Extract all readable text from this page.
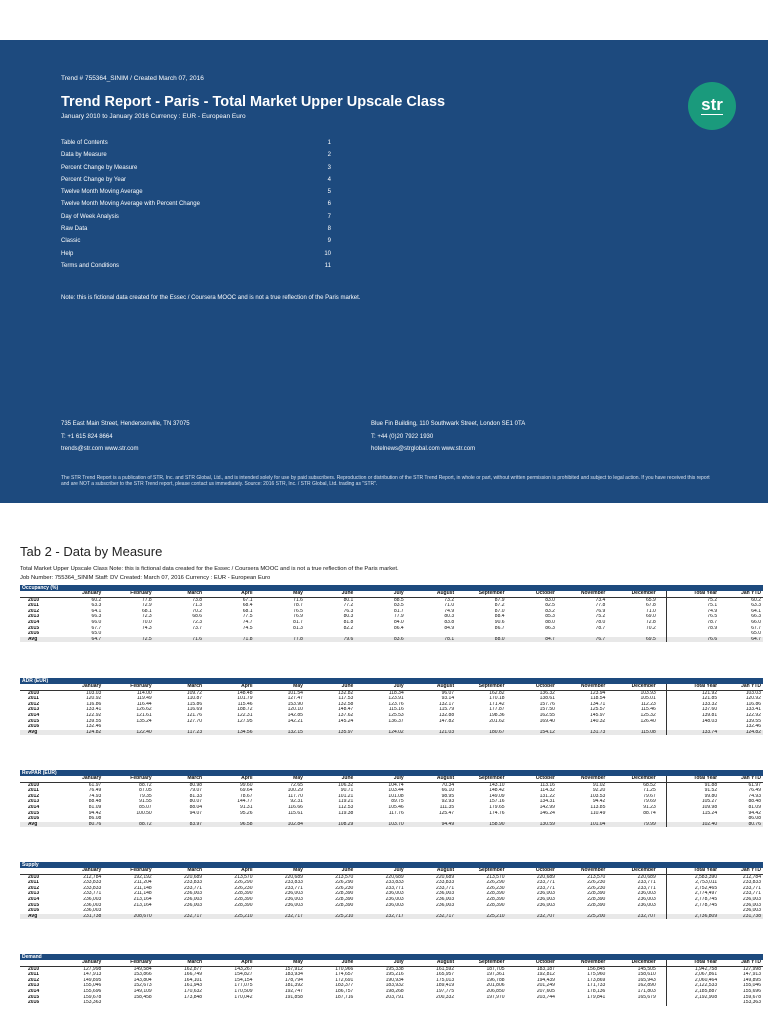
Trend # 755364_SINIM / Created March 07, 2016
Trend Report - Paris - Total Market Upper Upscale Class
January 2010 to January 2016 Currency : EUR - European Euro
str
Table of Contents	1
Data by Measure	2
Percent Change by Measure	3
Percent Change by Year	4
Twelve Month Moving Average	5
Twelve Month Moving Average with Percent Change	6
Day of Week Analysis	7
Raw Data	8
Classic	9
Help	10
Terms and Conditions	11
Note: this is fictional data created for the Essec / Coursera MOOC and is not a true reflection of the Paris market.
735 East Main Street, Hendersonville, TN 37075
T: +1 615 824 8664
trends@str.com www.str.com
Blue Fin Building, 110 Southwark Street, London SE1 0TA
T: +44 (0)20 7922 1930
hotelnews@strglobal.com www.str.com
The STR Trend Report is a publication of STR, Inc. and STR Global, Ltd., and is intended solely for use by paid subscribers. Reproduction or distribution of the STR Trend Report, in whole or part, without written permission is prohibited and subject to legal action. If you have received this report and are NOT a subscriber to the STR Trend report, please contact us immediately. Source: 2016 STR, Inc. / STR Global, Ltd. trading as "STR".
Tab 2 - Data by Measure
Total Market Upper Upscale Class Note: this is fictional data created for the Essec / Coursera MOOC and is not a true reflection of the Paris market.
Job Number: 755364_SINIM Staff: DV Created: March 07, 2016 Currency : EUR - European Euro
Occupancy (%)
	January	February	March	April	May	June	July	August	September	October	November	December		Total Year	Jan YTD
2010	60.2	77.8	73.8	67.1	71.6	80.1	88.5	73.2	87.9	83.0	73.4	65.9		75.2	60.2
2011	63.3	72.9	71.3	68.4	78.7	77.2	83.5	71.0	87.2	82.5	77.8	67.8		75.1	63.3
2012	64.1	68.1	70.2	68.1	76.5	76.3	81.7	74.9	87.0	83.2	76.9	71.0		74.9	64.1
2013	66.3	72.3	68.6	77.5	76.9	80.3	77.9	80.3	88.4	85.3	75.2	69.0		76.5	66.3
2014	66.0	70.0	72.3	74.7	81.7	81.8	84.0	83.8	90.6	88.0	78.0	72.8		78.7	66.0
2015	67.7	74.3	73.7	74.5	81.3	82.2	86.4	84.9	86.7	86.3	78.7	70.2		78.9	67.7
2016	65.0														65.0
Avg	64.7	72.5	71.6	71.8	77.8	79.6	83.6	78.1	88.0	84.7	76.7	69.5		76.6	64.7
ADR (EUR)
	January	February	March	April	May	June	July	August	September	October	November	December		Total Year	Jan YTD
2010	103.03	114.00	109.72	148.48	101.54	132.82	118.34	96.07	162.82	136.32	123.94	103.93		121.92	103.03
2011	120.92	119.49	110.87	101.79	127.47	117.53	123.91	93.14	170.18	138.61	118.54	105.01		121.85	120.92
2012	116.86	116.44	115.86	115.46	153.90	132.58	123.76	132.17	171.42	157.76	134.71	112.23		133.32	116.86
2013	133.41	126.62	116.69	188.72	120.10	148.47	115.16	115.79	177.87	157.50	125.57	115.46		137.60	133.41
2014	122.92	121.61	121.76	122.31	142.85	137.62	125.53	132.88	198.36	162.55	145.97	125.32		139.81	122.92
2015	139.55	135.24	127.70	127.95	142.21	145.24	136.37	147.82	201.62	169.40	140.32	126.40		148.03	139.55
2016	132.46														132.46
Avg	124.82	122.40	117.23	134.56	132.15	135.97	124.02	121.03	180.67	154.12	131.73	115.08		133.74	124.82
RevPAR (EUR)
	January	February	March	April	May	June	July	August	September	October	November	December		Total Year	Jan YTD
2010	61.97	88.72	80.98	99.60	72.65	106.32	104.74	70.34	143.10	113.16	91.02	68.52		91.88	61.97
2011	76.49	87.05	79.07	69.64	100.29	90.71	103.44	66.10	148.42	114.32	92.20	71.25		91.52	76.49
2012	74.93	79.35	81.33	78.67	117.70	101.21	101.08	98.95	149.09	131.22	103.53	79.67		99.80	74.93
2013	88.48	91.55	80.07	144.77	92.31	119.21	89.75	92.93	157.16	134.31	94.42	79.69		105.27	88.48
2014	81.09	85.07	88.04	91.31	116.66	112.53	105.46	111.35	179.65	142.99	113.85	91.23		109.98	81.09
2015	94.42	100.50	94.07	95.26	115.61	119.38	117.76	125.47	174.76	146.24	110.49	88.74		115.24	94.42
2016	86.08														86.08
Avg	80.76	88.72	83.97	96.58	102.84	108.29	103.70	94.49	158.90	130.59	101.04	79.99		102.40	80.76
Supply
	January	February	March	April	May	June	July	August	September	October	November	December		Total Year	Jan YTD
2010	212,784	192,192	220,689	213,570	220,689	213,570	220,689	220,689	213,570	220,689	213,570	220,689		2,583,390	212,784
2011	233,833	211,204	233,833	226,290	233,833	226,290	233,833	233,833	226,290	233,771	226,230	233,771		2,753,011	233,833
2012	233,833	211,148	233,771	226,230	233,771	226,230	233,771	233,771	226,230	233,771	226,230	233,771		2,752,465	233,771
2013	233,771	211,148	236,003	228,390	236,003	228,390	236,003	236,003	228,390	236,003	228,390	236,003		2,774,497	233,771
2014	236,003	213,164	236,003	228,390	236,003	228,390	236,003	236,003	228,390	236,003	228,390	236,003		2,778,745	236,003
2015	236,003	213,164	236,003	228,390	236,003	228,390	236,003	236,003	228,390	236,003	228,390	236,003		2,778,745	236,003
2016	236,003														236,003
Avg	231,738	208,670	232,717	225,210	232,717	225,210	232,717	232,717	225,210	232,707	225,200	232,707		2,736,809	231,738
Demand
	January	February	March	April	May	June	July	August	September	October	November	December		Total Year	Jan YTD
2010	127,998	149,584	162,877	143,267	157,912	170,966	195,338	161,592	187,705	183,187	156,845	145,505		1,942,758	127,998
2011	147,913	153,866	166,749	154,827	183,934	174,657	195,216	165,957	197,361	192,812	175,960	158,610		2,067,861	147,913
2012	149,895	143,804	164,101	154,154	178,794	172,691	190,934	175,013	196,788	194,439	173,869	165,943		2,060,464	149,895
2013	155,046	152,673	161,943	177,075	181,392	183,377	183,932	189,419	201,806	201,249	171,733	162,890		2,122,533	155,046
2014	155,696	149,109	170,632	170,509	192,747	186,757	198,268	197,775	206,850	207,605	178,136	171,803		2,185,887	155,696
2015	159,678	158,458	173,848	170,042	191,858	187,716	203,791	200,332	197,970	203,744	179,841	165,679		2,192,908	159,678
2016	153,363														153,363
